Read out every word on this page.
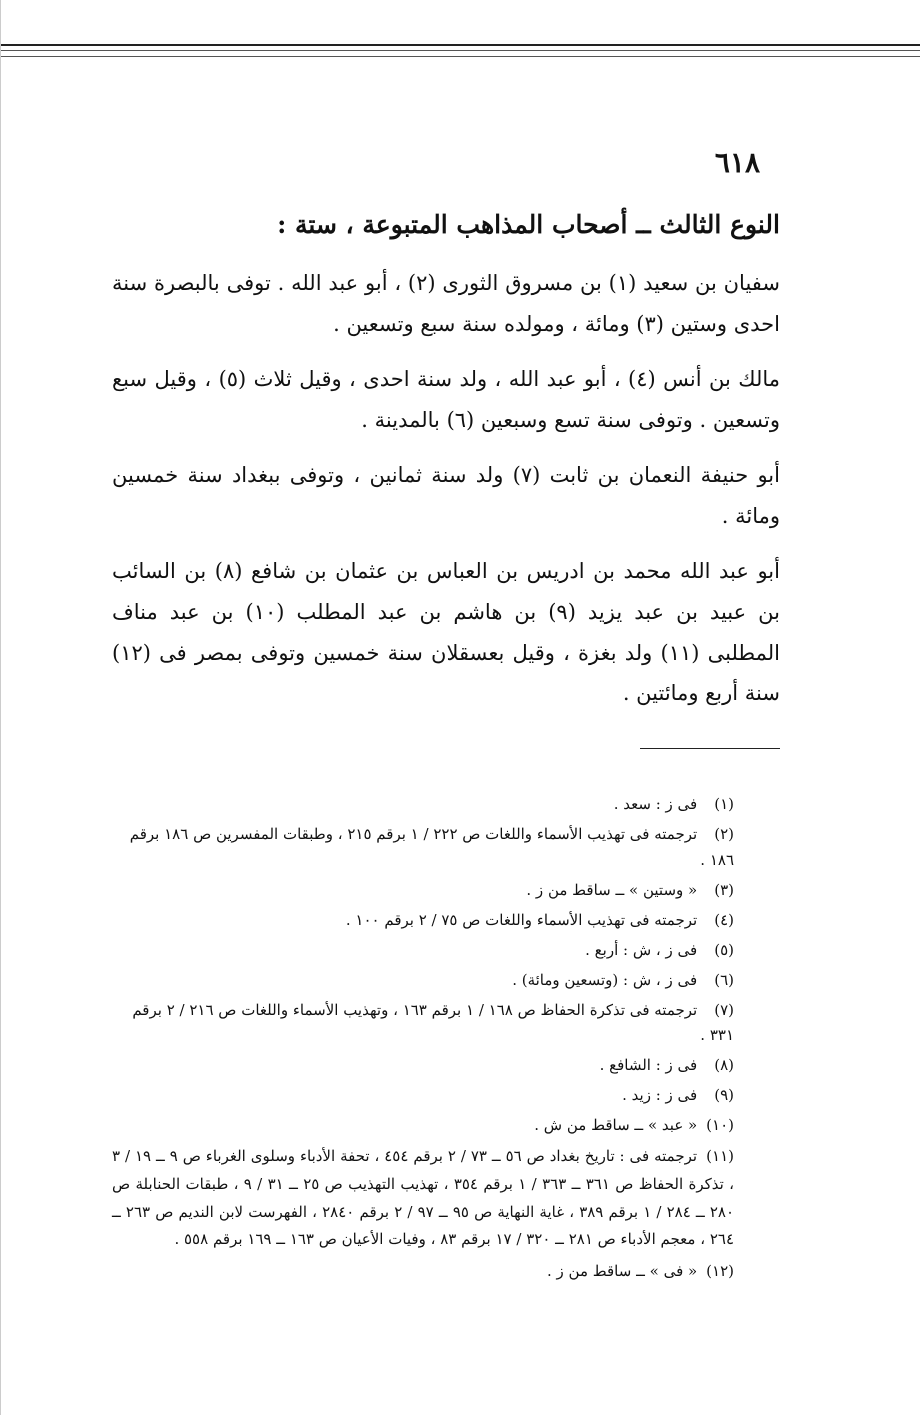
٦١٨

النوع الثالث ــ أصحاب المذاهب المتبوعة ، ستة :

سفيان بن سعيد (١) بن مسروق الثورى (٢) ، أبو عبد الله . توفى بالبصرة سنة احدى وستين (٣) ومائة ، ومولده سنة سبع وتسعين .

مالك بن أنس (٤) ، أبو عبد الله ، ولد سنة احدى ، وقيل ثلاث (٥) ، وقيل سبع وتسعين . وتوفى سنة تسع وسبعين (٦) بالمدينة .

أبو حنيفة النعمان بن ثابت (٧) ولد سنة ثمانين ، وتوفى ببغداد سنة خمسين ومائة .

أبو عبد الله محمد بن ادريس بن العباس بن عثمان بن شافع (٨) بن السائب بن عبيد بن عبد يزيد (٩) بن هاشم بن عبد المطلب (١٠) بن عبد مناف المطلبى (١١) ولد بغزة ، وقيل بعسقلان سنة خمسين وتوفى بمصر فى (١٢) سنة أربع ومائتين .

(١) فى ز : سعد .
(٢) ترجمته فى تهذيب الأسماء واللغات ص ٢٢٢ / ١ برقم ٢١٥ ، وطبقات المفسرين ص ١٨٦ برقم ١٨٦ .
(٣) « وستين » ــ ساقط من ز .
(٤) ترجمته فى تهذيب الأسماء واللغات ص ٧٥ / ٢ برقم ١٠٠ .
(٥) فى ز ، ش : أربع .
(٦) فى ز ، ش : (وتسعين ومائة) .
(٧) ترجمته فى تذكرة الحفاظ ص ١٦٨ / ١ برقم ١٦٣ ، وتهذيب الأسماء واللغات ص ٢١٦ / ٢ برقم ٣٣١ .
(٨) فى ز : الشافع .
(٩) فى ز : زيد .
(١٠) « عبد » ــ ساقط من ش .
(١١) ترجمته فى : تاريخ بغداد ص ٥٦ ــ ٧٣ / ٢ برقم ٤٥٤ ، تحفة الأدباء وسلوى الغرباء ص ٩ ــ ١٩ / ٣ ، تذكرة الحفاظ ص ٣٦١ ــ ٣٦٣ / ١ برقم ٣٥٤ ، تهذيب التهذيب ص ٢٥ ــ ٣١ / ٩ ، طبقات الحنابلة ص ٢٨٠ ــ ٢٨٤ / ١ برقم ٣٨٩ ، غاية النهاية ص ٩٥ ــ ٩٧ / ٢ برقم ٢٨٤٠ ، الفهرست لابن النديم ص ٢٦٣ ــ ٢٦٤ ، معجم الأدباء ص ٢٨١ ــ ٣٢٠ / ١٧ برقم ٨٣ ، وفيات الأعيان ص ١٦٣ ــ ١٦٩ برقم ٥٥٨ .
(١٢) « فى » ــ ساقط من ز .
